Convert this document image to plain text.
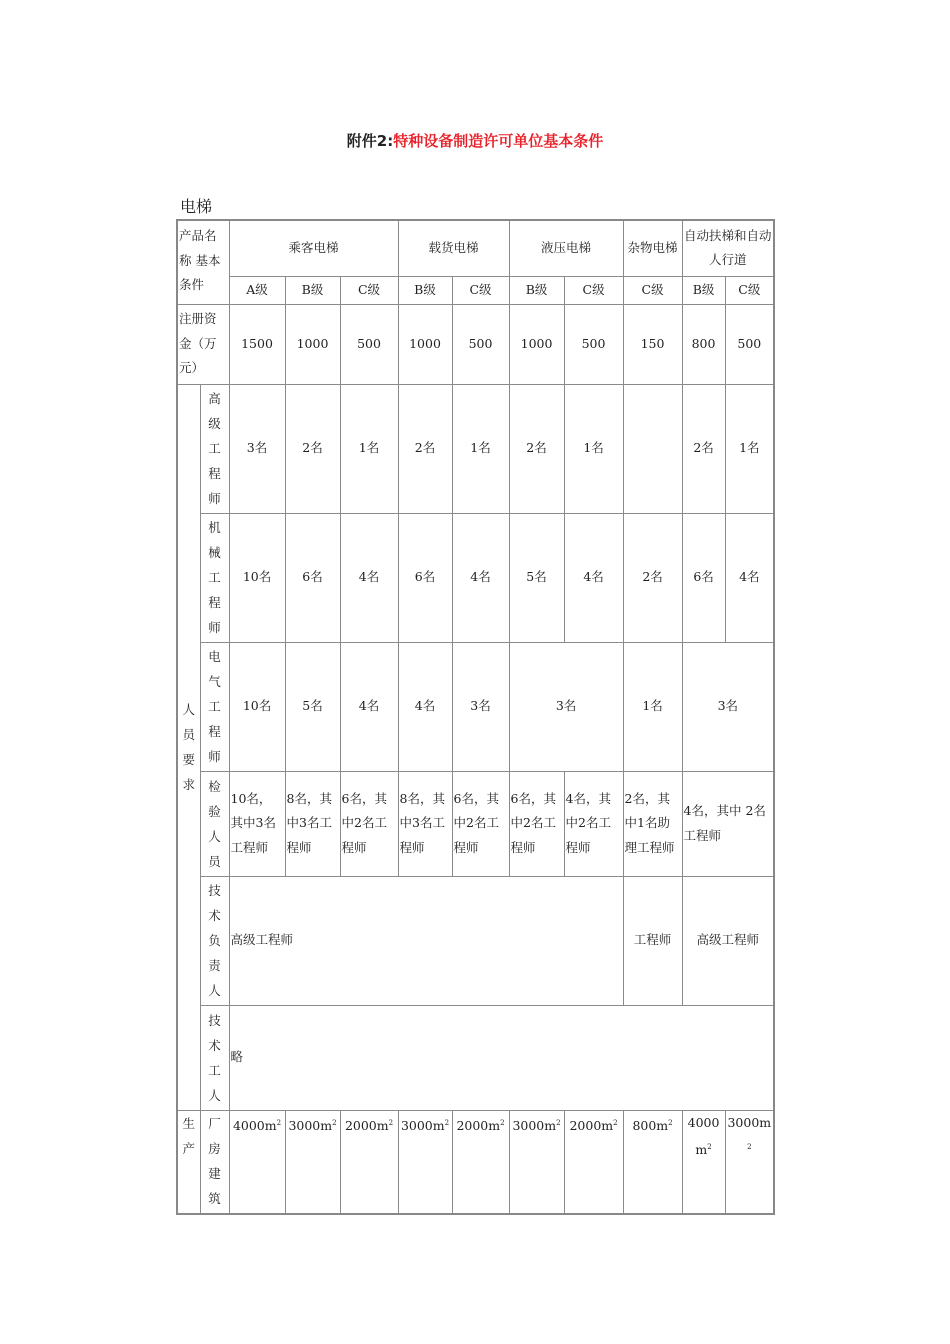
附件2:特种设备制造许可单位基本条件
电梯
产品名称 基本条件		乘客电梯			载货电梯		液压电梯		杂物电梯	自动扶梯和自动人行道	
		A级	B级	C级	B级	C级	B级	C级	C级	B级	C级
注册资金（万元）		1500	1000	500	1000	500	1000	500	150	800	500

人员要求	高级工程师	3名	2名	1名	2名	1名	2名	1名		2名	1名

	机械工程师	10名	6名	4名	6名	4名	5名	4名	2名	6名	4名

	电气工程师	10名	5名	4名	4名	3名	3名		1名	3名	

	检验人员	10名，其中3名工程师	8名，其中3名工程师	6名，其中2名工程师	8名，其中3名工程师	6名，其中2名工程师	6名，其中2名工程师	4名，其中2名工程师	2名，其中1名助理工程师	4名，其中 2名工程师	

	技术负责人	高级工程师							工程师	高级工程师	

	技术工人	略									

生产	厂房建筑	$4000m^2$	$3000m^2$	$2000m^2$	$3000m^2$	$2000m^2$	$3000m^2$	$2000m^2$	$800m^2$	$4000m^2$	$3000m^2$
